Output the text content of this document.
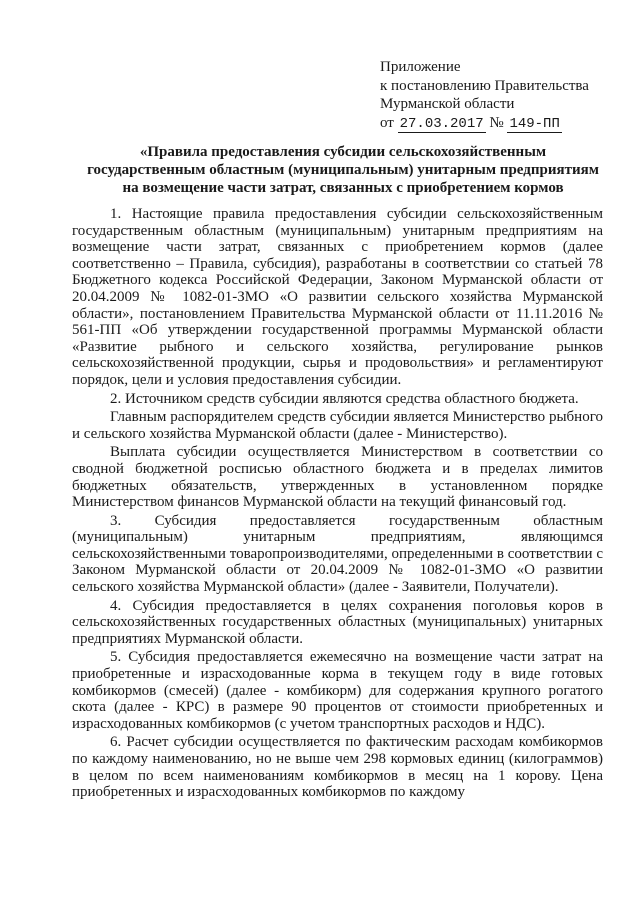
Приложение
к постановлению Правительства
Мурманской области
от 27.03.2017 № 149-ПП
«Правила предоставления субсидии сельскохозяйственным государственным областным (муниципальным) унитарным предприятиям на возмещение части затрат, связанных с приобретением кормов

1. Настоящие правила предоставления субсидии сельскохозяйственным государственным областным (муниципальным) унитарным предприятиям на возмещение части затрат, связанных с приобретением кормов (далее соответственно – Правила, субсидия), разработаны в соответствии со статьей 78 Бюджетного кодекса Российской Федерации, Законом Мурманской области от 20.04.2009 № 1082-01-ЗМО «О развитии сельского хозяйства Мурманской области», постановлением Правительства Мурманской области от 11.11.2016 № 561-ПП «Об утверждении государственной программы Мурманской области «Развитие рыбного и сельского хозяйства, регулирование рынков сельскохозяйственной продукции, сырья и продовольствия» и регламентируют порядок, цели и условия предоставления субсидии.

2. Источником средств субсидии являются средства областного бюджета.

Главным распорядителем средств субсидии является Министерство рыбного и сельского хозяйства Мурманской области (далее - Министерство).

Выплата субсидии осуществляется Министерством в соответствии со сводной бюджетной росписью областного бюджета и в пределах лимитов бюджетных обязательств, утвержденных в установленном порядке Министерством финансов Мурманской области на текущий финансовый год.

3. Субсидия предоставляется государственным областным (муниципальным) унитарным предприятиям, являющимся сельскохозяйственными товаропроизводителями, определенными в соответствии с Законом Мурманской области от 20.04.2009 № 1082-01-ЗМО «О развитии сельского хозяйства Мурманской области» (далее - Заявители, Получатели).

4. Субсидия предоставляется в целях сохранения поголовья коров в сельскохозяйственных государственных областных (муниципальных) унитарных предприятиях Мурманской области.

5. Субсидия предоставляется ежемесячно на возмещение части затрат на приобретенные и израсходованные корма в текущем году в виде готовых комбикормов (смесей) (далее - комбикорм) для содержания крупного рогатого скота (далее - КРС) в размере 90 процентов от стоимости приобретенных и израсходованных комбикормов (с учетом транспортных расходов и НДС).

6. Расчет субсидии осуществляется по фактическим расходам комбикормов по каждому наименованию, но не выше чем 298 кормовых единиц (килограммов) в целом по всем наименованиям комбикормов в месяц на 1 корову. Цена приобретенных и израсходованных комбикормов по каждому
